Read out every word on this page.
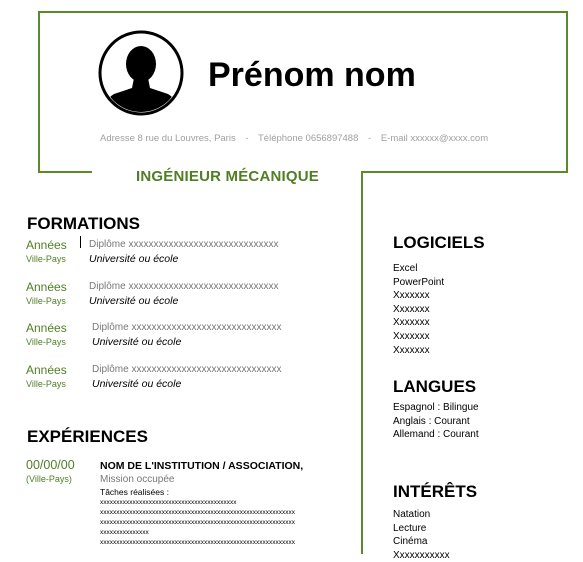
Prénom nom
Adresse 8 rue du Louvres, Paris - Téléphone 0656897488 - E-mail xxxxxx@xxxx.com
INGÉNIEUR MÉCANIQUE
FORMATIONS
Années
Ville-Pays
Diplôme xxxxxxxxxxxxxxxxxxxxxxxxxxxxxx
Université ou école
Années
Ville-Pays
Diplôme xxxxxxxxxxxxxxxxxxxxxxxxxxxxxx
Université ou école
Années
Ville-Pays
Diplôme xxxxxxxxxxxxxxxxxxxxxxxxxxxxxx
Université ou école
Années
Ville-Pays
Diplôme xxxxxxxxxxxxxxxxxxxxxxxxxxxxxx
Université ou école
EXPÉRIENCES
00/00/00
(Ville-Pays)
NOM DE L'INSTITUTION / ASSOCIATION,
Mission occupée
Tâches réalisées :
xxxxxxxxxxxxxxxxxxxxxxxxxxxxxxxxxxxxxxxxxx
xxxxxxxxxxxxxxxxxxxxxxxxxxxxxxxxxxxxxxxxxxxxxxxxxxxxxxxxxxxx
xxxxxxxxxxxxxxxxxxxxxxxxxxxxxxxxxxxxxxxxxxxxxxxxxxxxxxxxxxxx
xxxxxxxxxxxxxxx
xxxxxxxxxxxxxxxxxxxxxxxxxxxxxxxxxxxxxxxxxxxxxxxxxxxxxxxxxxxx
LOGICIELS
Excel
PowerPoint
Xxxxxxx
Xxxxxxx
Xxxxxxx
Xxxxxxx
Xxxxxxx
LANGUES
Espagnol : Bilingue
Anglais : Courant
Allemand : Courant
INTÉRÊTS
Natation
Lecture
Cinéma
Xxxxxxxxxxx
